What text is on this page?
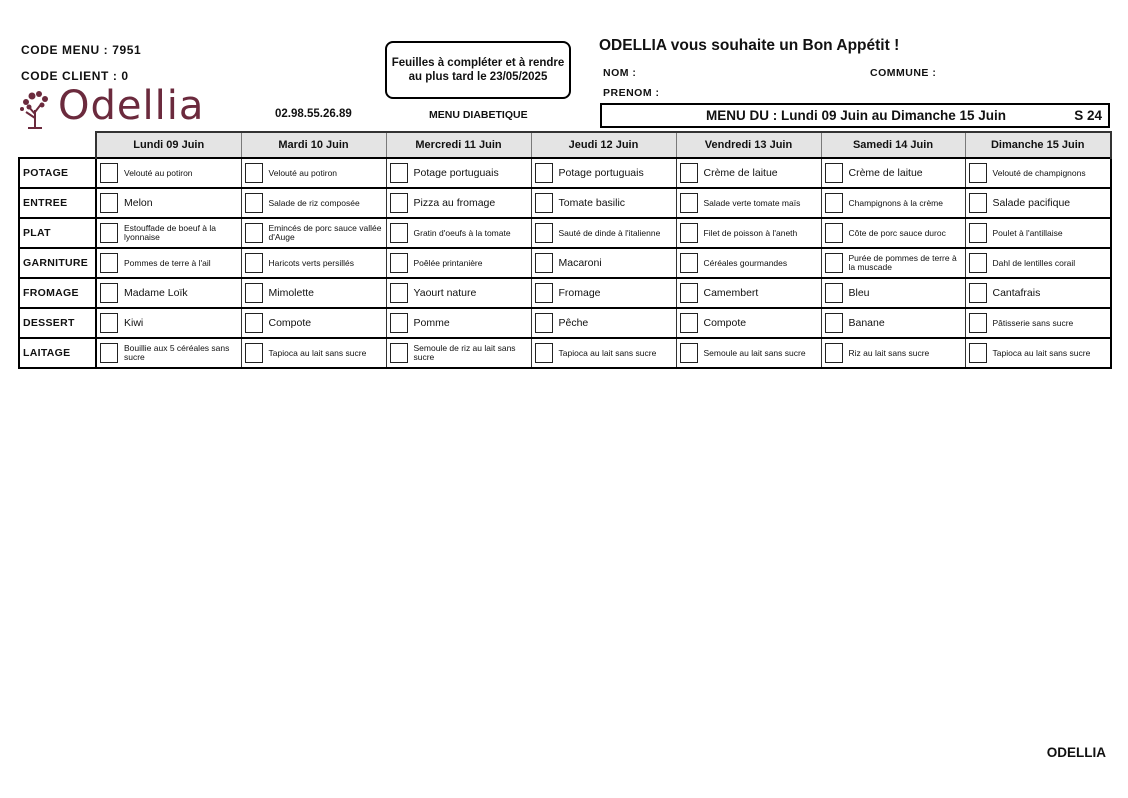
CODE MENU : 7951
CODE CLIENT : 0
Feuilles à compléter et à rendre
au plus tard le 23/05/2025
ODELLIA vous souhaite un Bon Appétit !
NOM :	COMMUNE :
PRENOM :
Odellia	02.98.55.26.89	MENU DIABETIQUE	MENU DU : Lundi 09 Juin au Dimanche 15 Juin	S 24
	Lundi 09 Juin	Mardi 10 Juin	Mercredi 11 Juin	Jeudi 12 Juin	Vendredi 13 Juin	Samedi 14 Juin	Dimanche 15 Juin
POTAGE	Velouté au potiron	Velouté au potiron	Potage portuguais	Potage portuguais	Crème de laitue	Crème de laitue	Velouté de champignons

ENTREE	Melon	Salade de riz composée	Pizza au fromage	Tomate basilic	Salade verte tomate maïs	Champignons à la crème	Salade pacifique

PLAT	Estouffade de boeuf à la lyonnaise	Emincés de porc sauce vallée d'Auge	Gratin d'oeufs à la tomate	Sauté de dinde à l'italienne	Filet de poisson à l'aneth	Côte de porc sauce duroc	Poulet à l'antillaise

GARNITURE	Pommes de terre à l'ail	Haricots verts persillés	Poêlée printanière	Macaroni	Céréales gourmandes	Purée de pommes de terre à la muscade	Dahl de lentilles corail

FROMAGE	Madame Loïk	Mimolette	Yaourt nature	Fromage	Camembert	Bleu	Cantafrais

DESSERT	Kiwi	Compote	Pomme	Pêche	Compote	Banane	Pâtisserie sans sucre

LAITAGE	Bouillie aux 5 céréales sans sucre	Tapioca au lait sans sucre	Semoule de riz au lait sans sucre	Tapioca au lait sans sucre	Semoule au lait sans sucre	Riz au lait sans sucre	Tapioca au lait sans sucre
ODELLIA
